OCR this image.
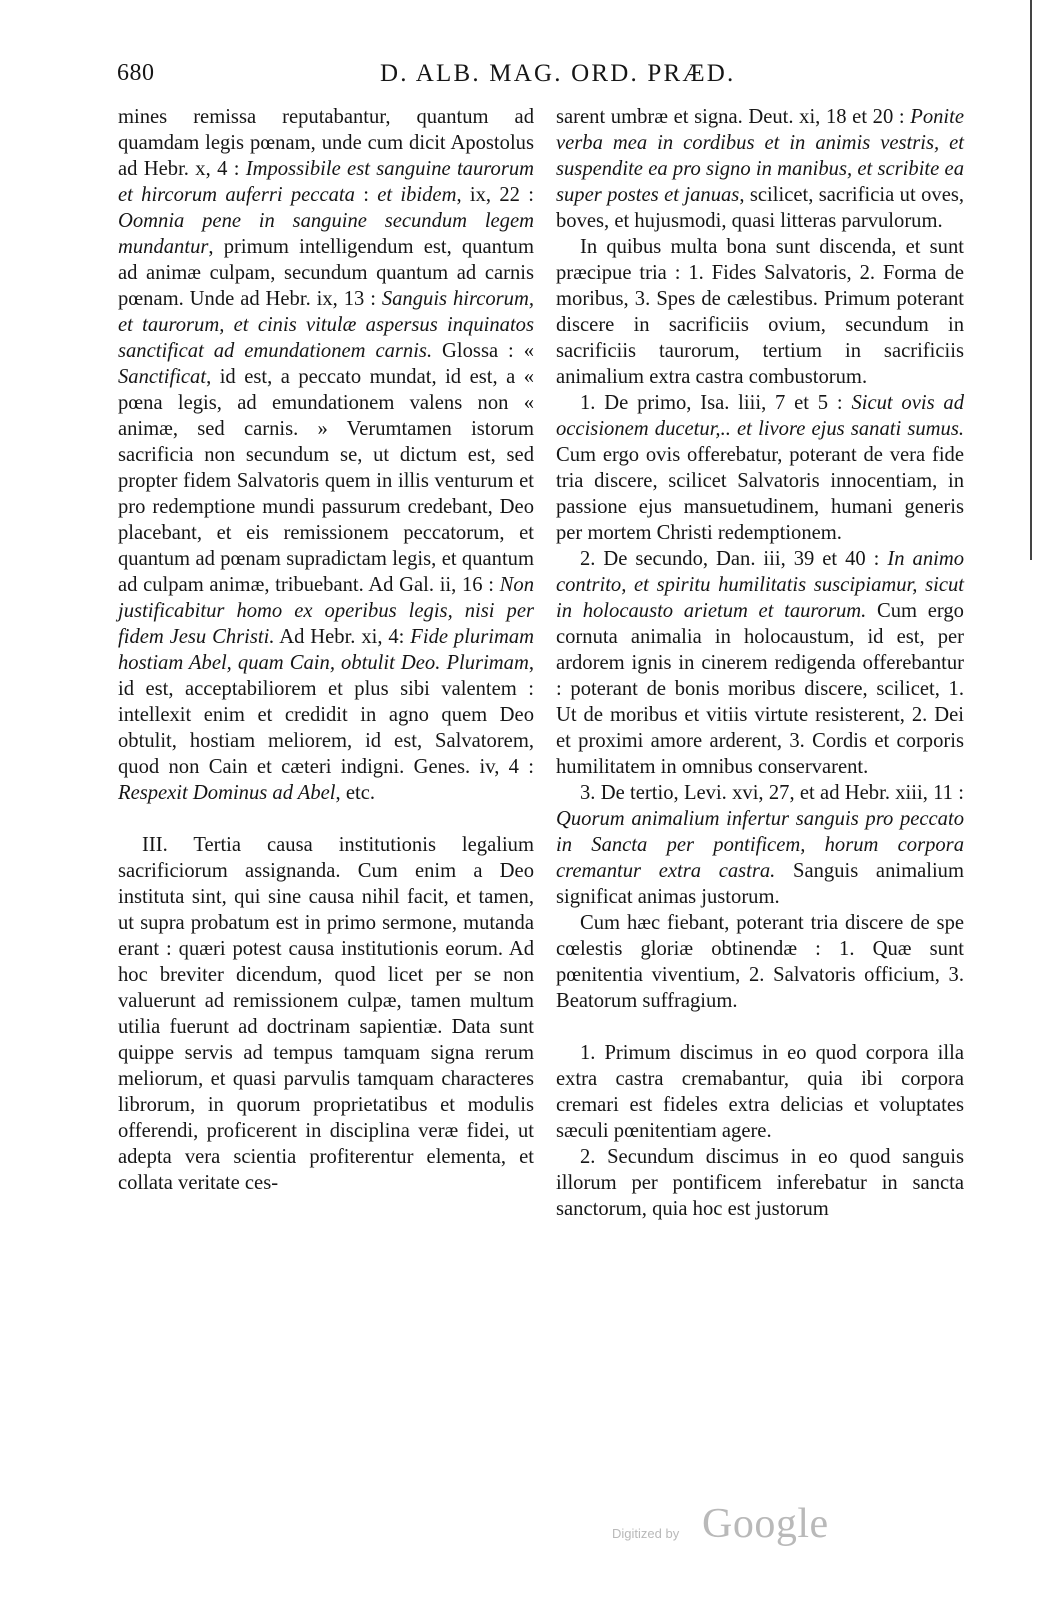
680	D. ALB. MAG. ORD. PRÆD.

mines remissa reputabantur, quantum ad quamdam legis pœnam, unde cum dicit Apostolus ad Hebr. x, 4 : Impossibile est sanguine taurorum et hircorum auferri peccata : et ibidem, ix, 22 : Oomnia pene in sanguine secundum legem mundantur, primum intelligendum est, quantum ad animæ culpam, secundum quantum ad carnis pœnam. Unde ad Hebr. ix, 13 : Sanguis hircorum, et taurorum, et cinis vitulæ aspersus inquinatos sanctificat ad emundationem carnis. Glossa : « Sanctificat, id est, a peccato mundat, id est, a « pœna legis, ad emundationem valens non « animæ, sed carnis. » Verumtamen istorum sacrificia non secundum se, ut dictum est, sed propter fidem Salvatoris quem in illis venturum et pro redemptione mundi passurum credebant, Deo placebant, et eis remissionem peccatorum, et quantum ad pœnam supradictam legis, et quantum ad culpam animæ, tribuebant. Ad Gal. ii, 16 : Non justificabitur homo ex operibus legis, nisi per fidem Jesu Christi. Ad Hebr. xi, 4: Fide plurimam hostiam Abel, quam Cain, obtulit Deo. Plurimam, id est, acceptabiliorem et plus sibi valentem : intellexit enim et credidit in agno quem Deo obtulit, hostiam meliorem, id est, Salvatorem, quod non Cain et cæteri indigni. Genes. iv, 4 : Respexit Dominus ad Abel, etc.

III. Tertia causa institutionis legalium sacrificiorum assignanda. Cum enim a Deo instituta sint, qui sine causa nihil facit, et tamen, ut supra probatum est in primo sermone, mutanda erant : quæri potest causa institutionis eorum. Ad hoc breviter dicendum, quod licet per se non valuerunt ad remissionem culpæ, tamen multum utilia fuerunt ad doctrinam sapientiæ. Data sunt quippe servis ad tempus tamquam signa rerum meliorum, et quasi parvulis tamquam characteres librorum, in quorum proprietatibus et modulis offerendi, proficerent in disciplina veræ fidei, ut adepta vera scientia profiterentur elementa, et collata veritate ces-

sarent umbræ et signa. Deut. xi, 18 et 20 : Ponite verba mea in cordibus et in animis vestris, et suspendite ea pro signo in manibus, et scribite ea super postes et januas, scilicet, sacrificia ut oves, boves, et hujusmodi, quasi litteras parvulorum.

In quibus multa bona sunt discenda, et sunt præcipue tria : 1. Fides Salvatoris, 2. Forma de moribus, 3. Spes de cælestibus. Primum poterant discere in sacrificiis ovium, secundum in sacrificiis taurorum, tertium in sacrificiis animalium extra castra combustorum.

1. De primo, Isa. liii, 7 et 5 : Sicut ovis ad occisionem ducetur,.. et livore ejus sanati sumus. Cum ergo ovis offerebatur, poterant de vera fide tria discere, scilicet Salvatoris innocentiam, in passione ejus mansuetudinem, humani generis per mortem Christi redemptionem.

2. De secundo, Dan. iii, 39 et 40 : In animo contrito, et spiritu humilitatis suscipiamur, sicut in holocausto arietum et taurorum. Cum ergo cornuta animalia in holocaustum, id est, per ardorem ignis in cinerem redigenda offerebantur : poterant de bonis moribus discere, scilicet, 1. Ut de moribus et vitiis virtute resisterent, 2. Dei et proximi amore arderent, 3. Cordis et corporis humilitatem in omnibus conservarent.

3. De tertio, Levi. xvi, 27, et ad Hebr. xiii, 11 : Quorum animalium infertur sanguis pro peccato in Sancta per pontificem, horum corpora cremantur extra castra. Sanguis animalium significat animas justorum.

Cum hæc fiebant, poterant tria discere de spe cœlestis gloriæ obtinendæ : 1. Quæ sunt pœnitentia viventium, 2. Salvatoris officium, 3. Beatorum suffragium.

1. Primum discimus in eo quod corpora illa extra castra cremabantur, quia ibi corpora cremari est fideles extra delicias et voluptates sæculi pœnitentiam agere.

2. Secundum discimus in eo quod sanguis illorum per pontificem inferebatur in sancta sanctorum, quia hoc est justorum

Digitized by Google
